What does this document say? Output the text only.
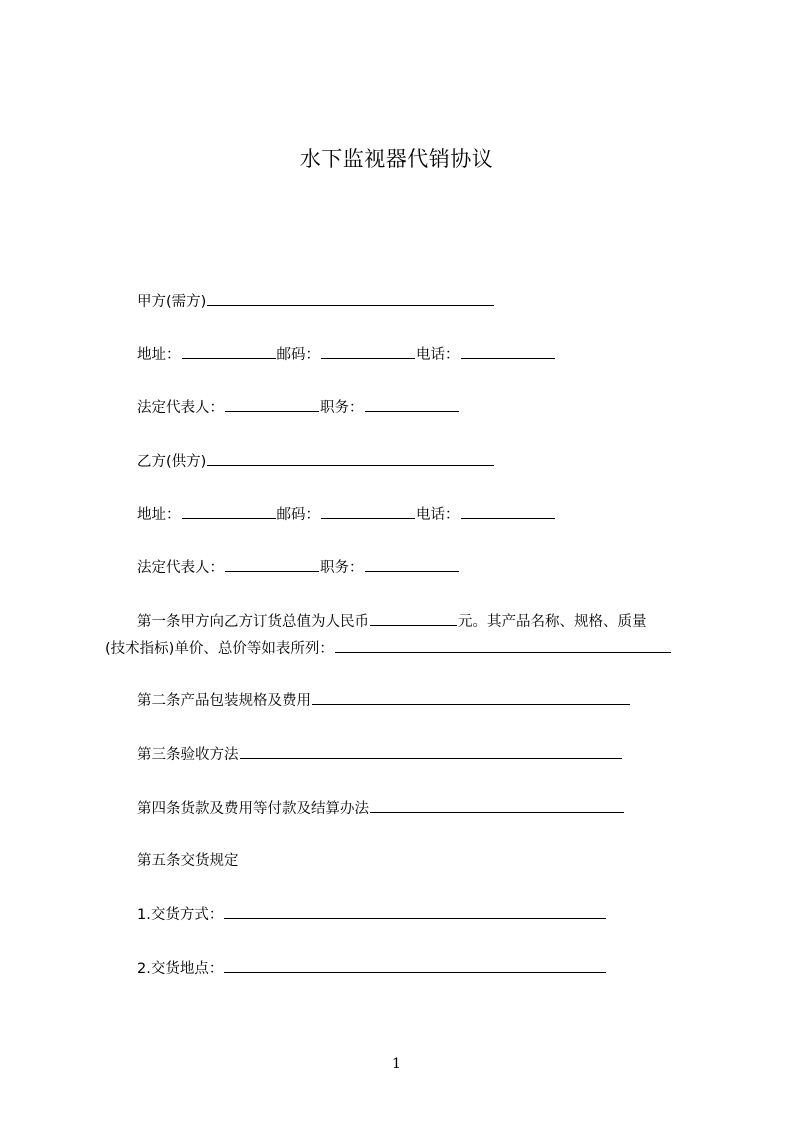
水下监视器代销协议
甲方(需方)
地址：	邮码：	电话：
法定代表人：	职务：
乙方(供方)
地址：	邮码：	电话：
法定代表人：	职务：
第一条甲方向乙方订货总值为人民币	元。其产品名称、规格、质量
(技术指标)单价、总价等如表所列：
第二条产品包装规格及费用
第三条验收方法
第四条货款及费用等付款及结算办法
第五条交货规定
1.交货方式：
2.交货地点：
1
